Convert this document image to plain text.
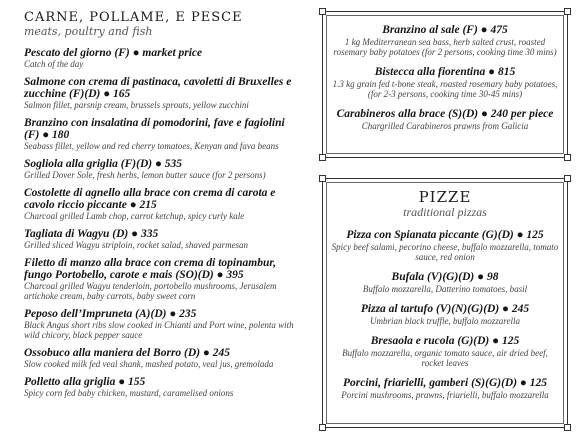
CARNE, POLLAME, E PESCE
meats, poultry and fish
Pescato del giorno (F) ● market price
Catch of the day
Salmone con crema di pastinaca, cavoletti di Bruxelles e zucchine (F)(D) ● 165
Salmon fillet, parsnip cream, brussels sprouts, yellow zucchini
Branzino con insalatina di pomodorini, fave e fagiolini (F) ● 180
Seabass fillet, yellow and red cherry tomatoes, Kenyan and fava beans
Sogliola alla griglia (F)(D) ● 535
Grilled Dover Sole, fresh herbs, lemon butter sauce (for 2 persons)
Costolette di agnello alla brace con crema di carota e cavolo riccio piccante ● 215
Charcoal grilled Lamb chop, carrot ketchup, spicy curly kale
Tagliata di Wagyu (D) ● 335
Grilled sliced Wagyu striploin, rocket salad, shaved parmesan
Filetto di manzo alla brace con crema di topinambur, fungo Portobello, carote e mais (SO)(D) ● 395
Charcoal grilled Wagyu tenderloin, portobello mushrooms, Jerusalem artichoke cream, baby carrots, baby sweet corn
Peposo dell’Impruneta (A)(D) ● 235
Black Angus short ribs slow cooked in Chianti and Port wine, polenta with wild chicory, black pepper sauce
Ossobuco alla maniera del Borro (D) ● 245
Slow cooked milk fed veal shank, mashed potato, veal jus, gremolada
Polletto alla griglia ● 155
Spicy corn fed baby chicken, mustard, caramelised onions
Branzino al sale (F) ● 475
1 kg Mediterranean sea bass, herb salted crust, roasted rosemary baby potatoes (for 2 persons, cooking time 30 mins)
Bistecca alla fiorentina ● 815
1.3 kg grain fed t-bone steak, roasted rosemary baby potatoes, (for 2-3 persons, cooking time 30-45 mins)
Carabineros alla brace (S)(D) ● 240 per piece
Chargrilled Carabineros prawns from Galicia
PIZZE
traditional pizzas
Pizza con Spianata piccante (G)(D) ● 125
Spicy beef salami, pecorino cheese, buffalo mozzarella, tomato sauce, red onion
Bufala (V)(G)(D) ● 98
Buffalo mozzarella, Datterino tomatoes, basil
Pizza al tartufo (V)(N)(G)(D) ● 245
Umbrian black truffle, buffalo mozzarella
Bresaola e rucola (G)(D) ● 125
Buffalo mozzarella, organic tomato sauce, air dried beef, rocket leaves
Porcini, friarielli, gamberi (S)(G)(D) ● 125
Porcini mushrooms, prawns, friarielli, buffalo mozzarella
